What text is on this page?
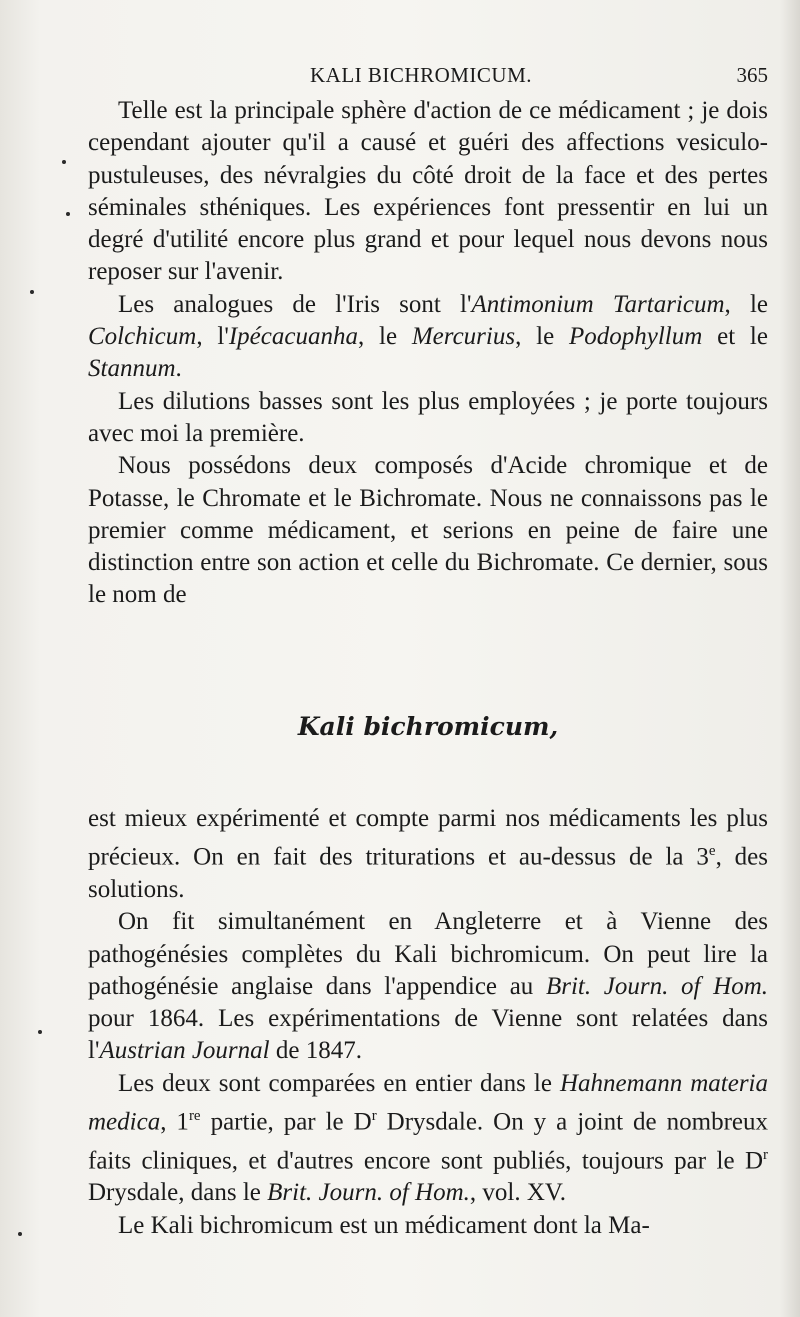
KALI BICHROMICUM.	365

Telle est la principale sphère d'action de ce médicament ; je dois cependant ajouter qu'il a causé et guéri des affections vesiculo-pustuleuses, des névralgies du côté droit de la face et des pertes séminales sthéniques. Les expériences font pressentir en lui un degré d'utilité encore plus grand et pour lequel nous devons nous reposer sur l'avenir.

Les analogues de l'Iris sont l'Antimonium Tartaricum, le Colchicum, l'Ipécacuanha, le Mercurius, le Podophyllum et le Stannum.

Les dilutions basses sont les plus employées ; je porte toujours avec moi la première.

Nous possédons deux composés d'Acide chromique et de Potasse, le Chromate et le Bichromate. Nous ne connaissons pas le premier comme médicament, et serions en peine de faire une distinction entre son action et celle du Bichromate. Ce dernier, sous le nom de

Kali bichromicum,

est mieux expérimenté et compte parmi nos médicaments les plus précieux. On en fait des triturations et au-dessus de la 3e, des solutions.

On fit simultanément en Angleterre et à Vienne des pathogénésies complètes du Kali bichromicum. On peut lire la pathogénésie anglaise dans l'appendice au Brit. Journ. of Hom. pour 1864. Les expérimentations de Vienne sont relatées dans l'Austrian Journal de 1847.

Les deux sont comparées en entier dans le Hahnemann materia medica, 1re partie, par le $D^r$ Drysdale. On y a joint de nombreux faits cliniques, et d'autres encore sont publiés, toujours par le $D^r$ Drysdale, dans le Brit. Journ. of Hom., vol. XV.

Le Kali bichromicum est un médicament dont la Ma-
